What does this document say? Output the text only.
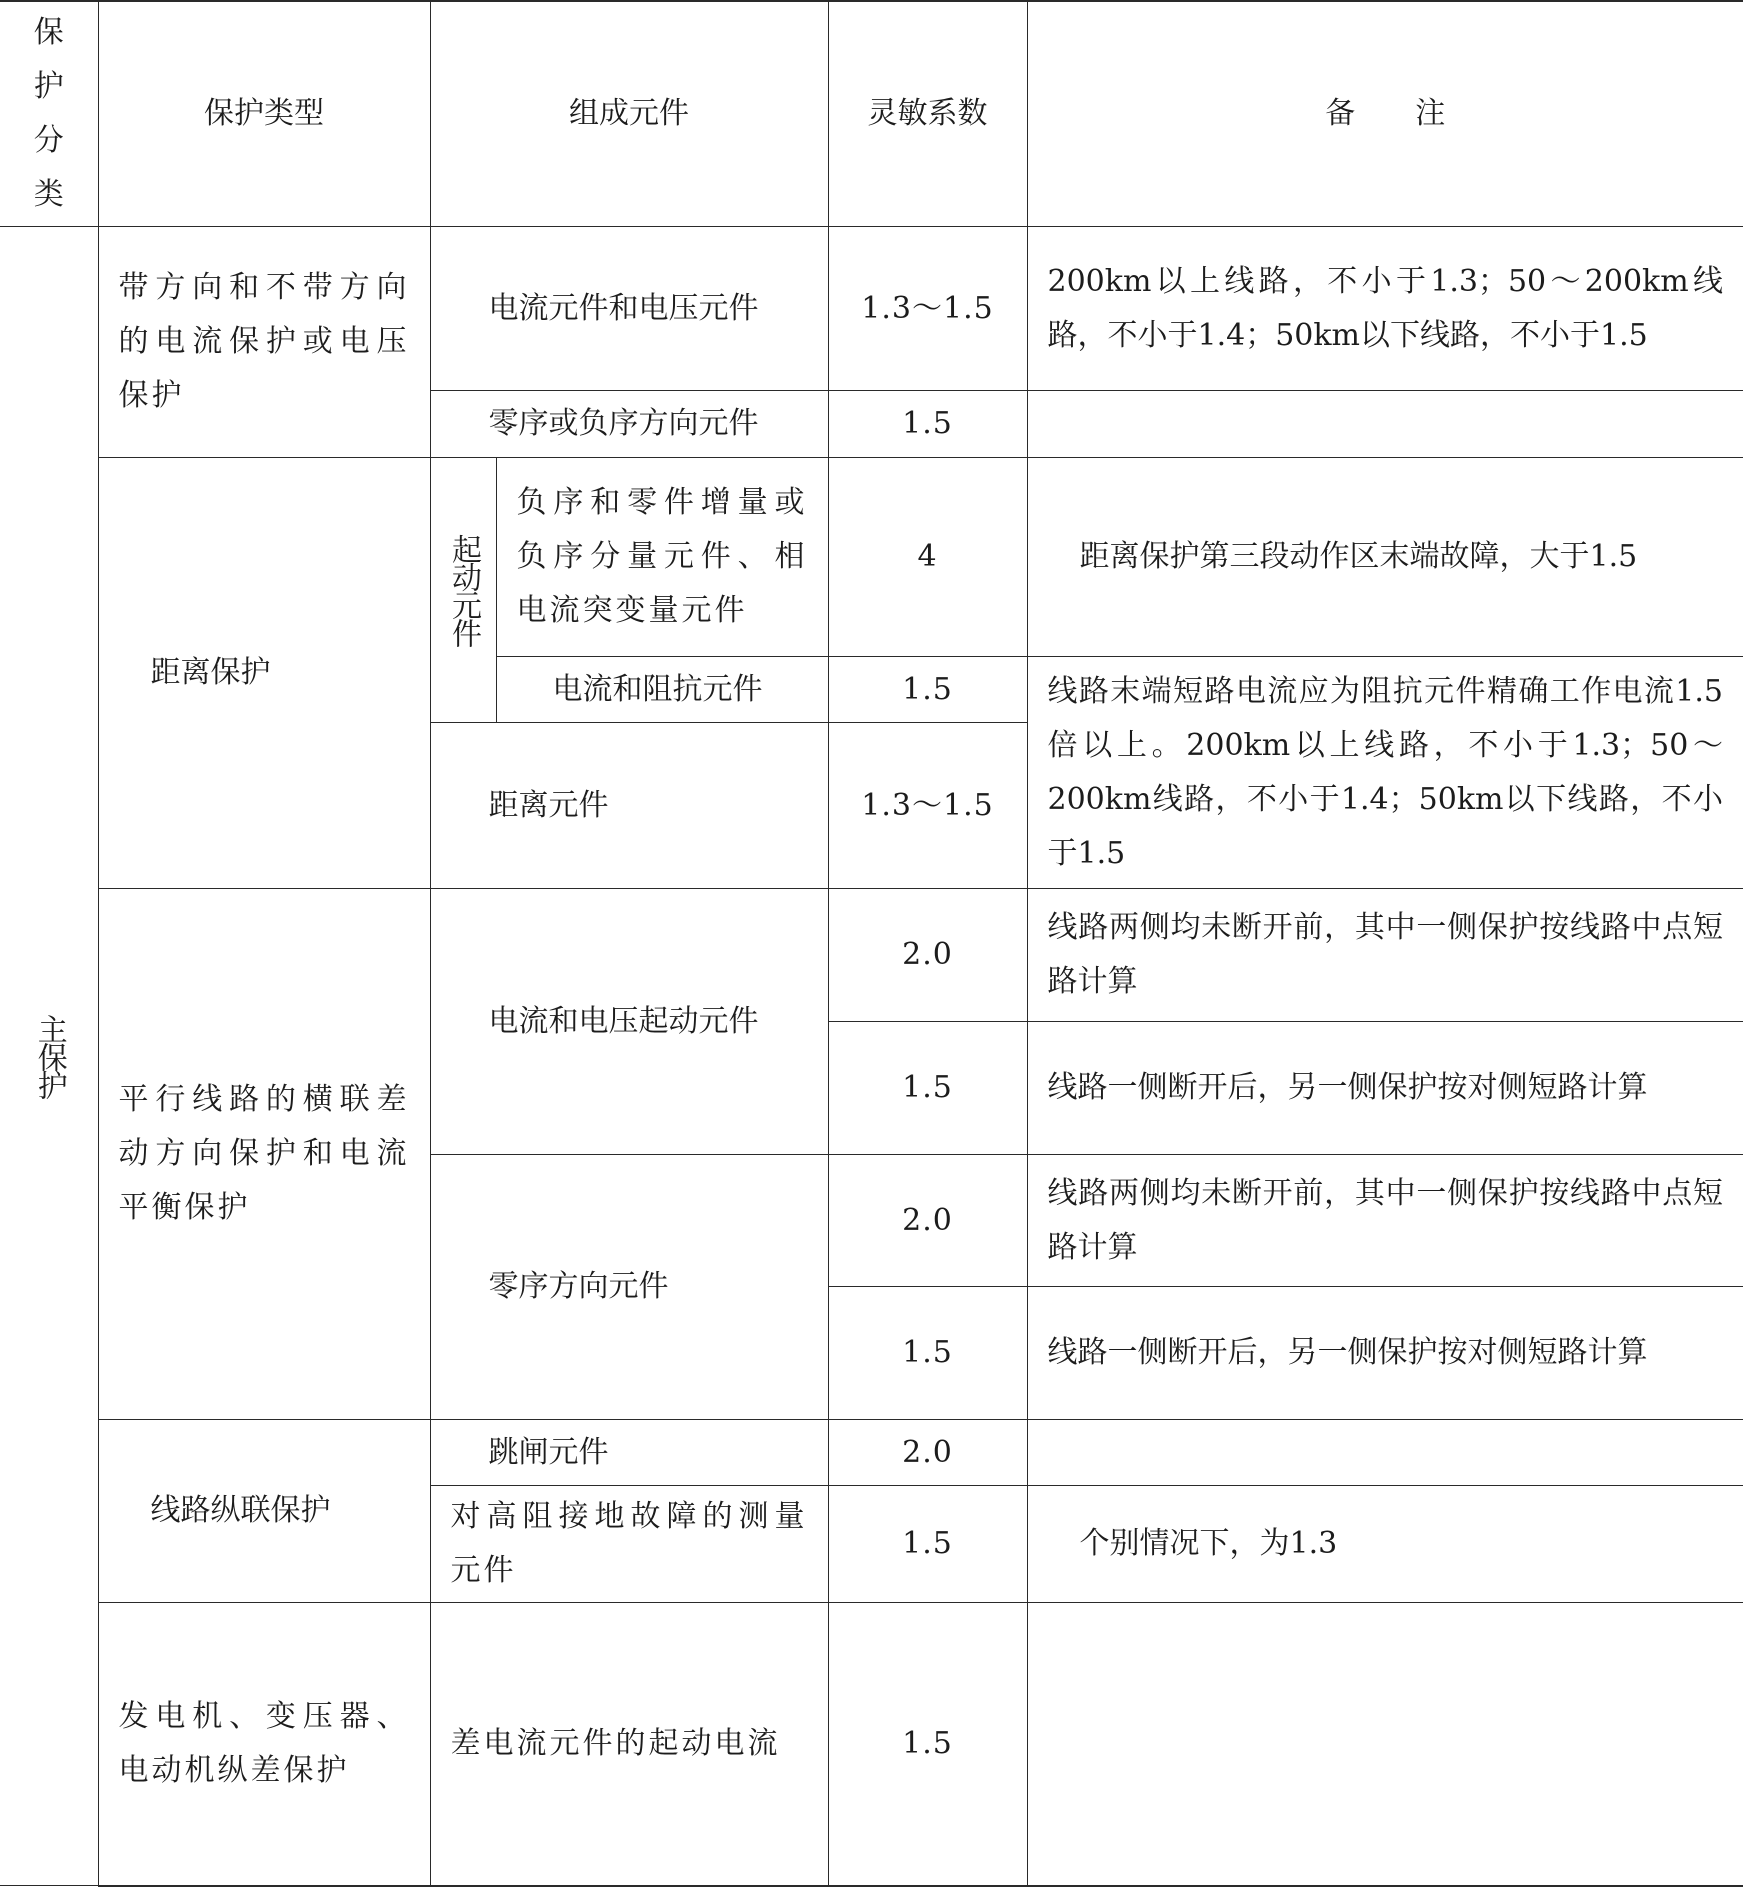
保护分类	保护类型	组成元件		灵敏系数	备　　注
主保护	带方向和不带方向的电流保护或电压保护	电流元件和电压元件		1.3～1.5	200km以上线路，不小于1.3；50～200km线路，不小于1.4；50km以下线路，不小于1.5
		零序或负序方向元件		1.5	
	距离保护	起动元件	负序和零件增量或负序分量元件、相电流突变量元件	4	距离保护第三段动作区末端故障，大于1.5
			电流和阻抗元件	1.5	线路末端短路电流应为阻抗元件精确工作电流1.5倍以上。200km以上线路，不小于1.3；50～200km线路，不小于1.4；50km以下线路，不小于1.5
		距离元件		1.3～1.5	
	平行线路的横联差动方向保护和电流平衡保护	电流和电压起动元件		2.0	线路两侧均未断开前，其中一侧保护按线路中点短路计算
				1.5	线路一侧断开后，另一侧保护按对侧短路计算
		零序方向元件		2.0	线路两侧均未断开前，其中一侧保护按线路中点短路计算
				1.5	线路一侧断开后，另一侧保护按对侧短路计算
	线路纵联保护	跳闸元件		2.0	
		对高阻接地故障的测量元件		1.5	个别情况下，为1.3
	发电机、变压器、电动机纵差保护	差电流元件的起动电流		1.5	
